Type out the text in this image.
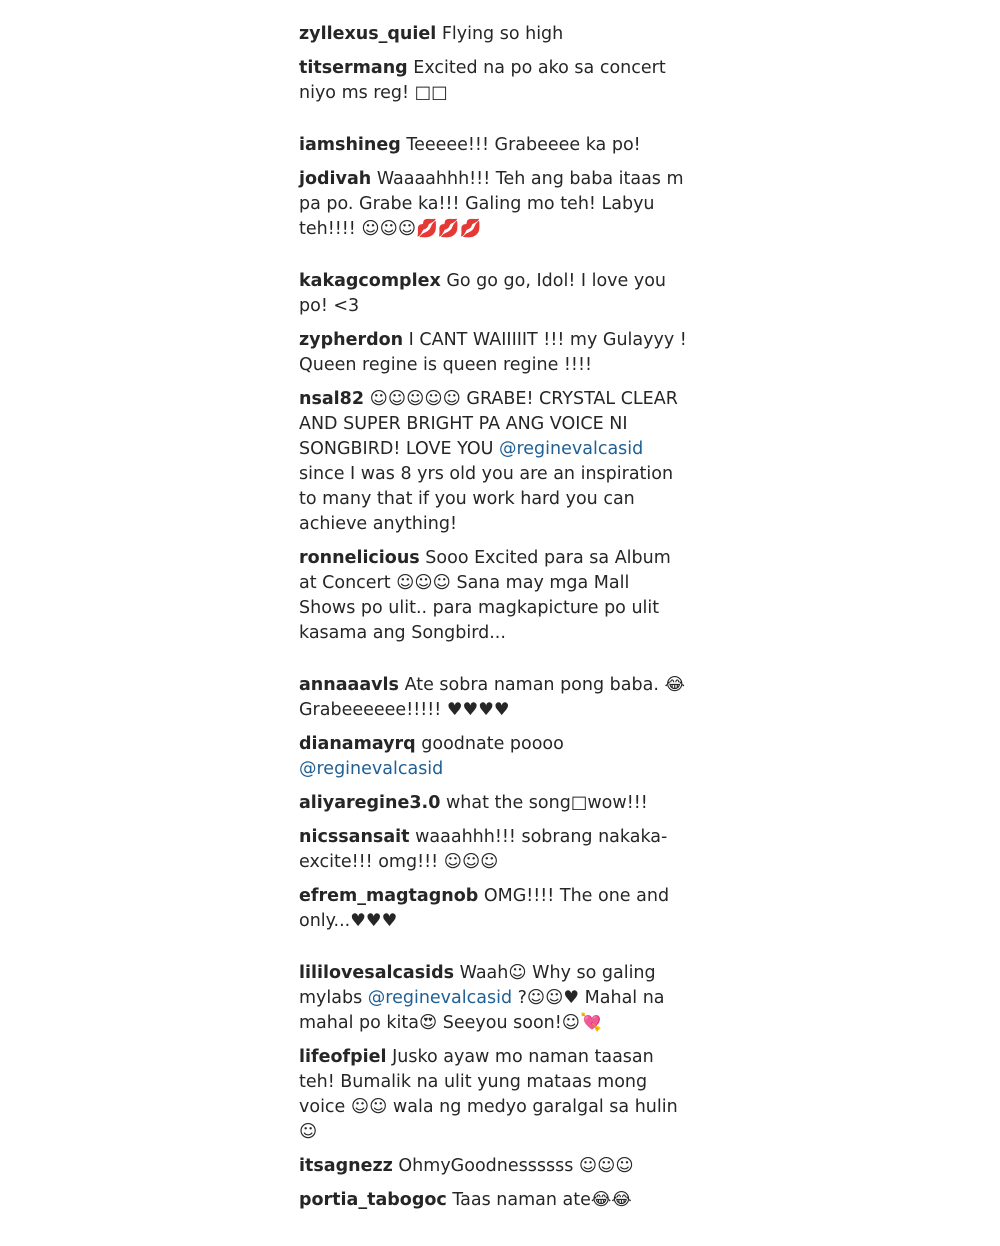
zyllexus_quiel Flying so high
titsermang Excited na po ako sa concert niyo ms reg! □□
iamshineg Teeeee!!! Grabeeee ka po!
jodivah Waaaahhh!!! Teh ang baba itaas m pa po. Grabe ka!!! Galing mo teh! Labyu teh!!!! ☺☺☺💋💋💋
kakagcomplex Go go go, Idol! I love you po! <3
zypherdon I CANT WAIIIIIT !!! my Gulayyy ! Queen regine is queen regine !!!!
nsal82 ☺☺☺☺☺ GRABE! CRYSTAL CLEAR AND SUPER BRIGHT PA ANG VOICE NI SONGBIRD! LOVE YOU @reginevalcasid since I was 8 yrs old you are an inspiration to many that if you work hard you can achieve anything!
ronnelicious Sooo Excited para sa Album at Concert ☺☺☺ Sana may mga Mall Shows po ulit.. para magkapicture po ulit kasama ang Songbird...
annaaavls Ate sobra naman pong baba. 😂 Grabeeeeee!!!!! ♥♥♥♥
dianamayrq goodnate poooo @reginevalcasid
aliyaregine3.0 what the song□wow!!!
nicssansait waaahhh!!! sobrang nakaka-excite!!! omg!!! ☺☺☺
efrem_magtagnob OMG!!!! The one and only...♥♥♥
lililovesalcasids Waah☺ Why so galing mylabs @reginevalcasid ?☺☺♥ Mahal na mahal po kita😍 Seeyou soon!☺💘
lifeofpiel Jusko ayaw mo naman taasan teh! Bumalik na ulit yung mataas mong voice ☺☺ wala ng medyo garalgal sa hulin ☺
itsagnezz OhmyGoodnessssss ☺☺☺
portia_tabogoc Taas naman ate😂😂
